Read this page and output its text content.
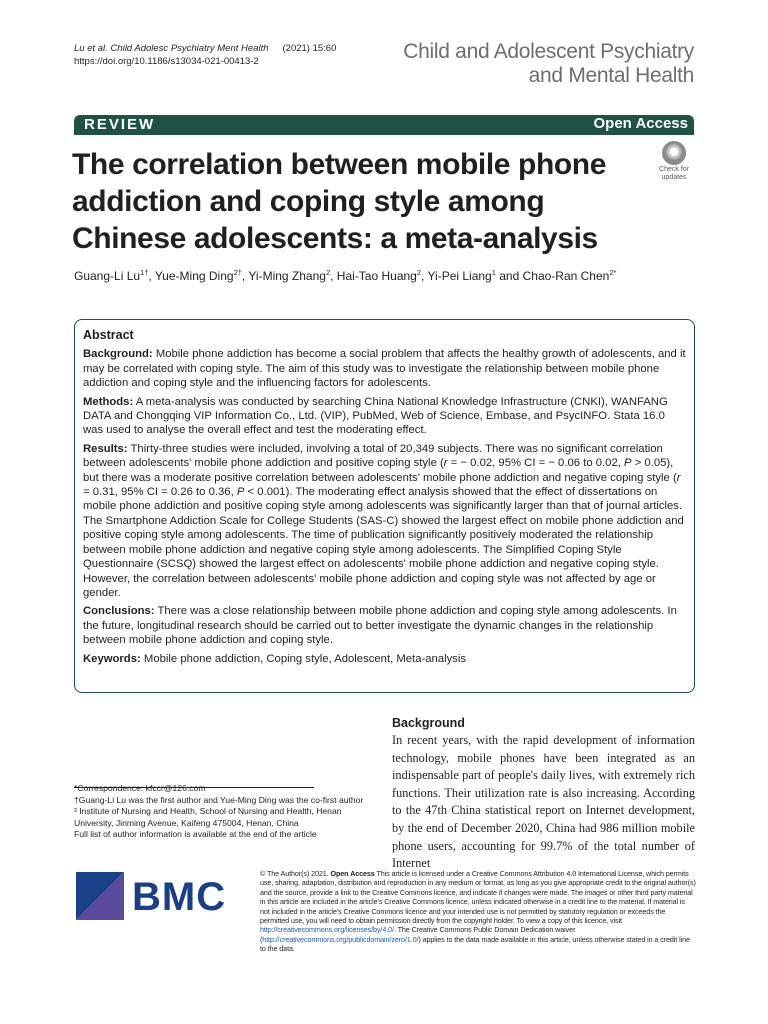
Lu et al. Child Adolesc Psychiatry Ment Health (2021) 15:60
https://doi.org/10.1186/s13034-021-00413-2	Child and Adolescent Psychiatry
and Mental Health
REVIEW	Open Access
The correlation between mobile phone addiction and coping style among Chinese adolescents: a meta-analysis
Check for
updates
Guang-Li $Lu^{1\dagger}$, Yue-Ming Ding$^{2\dagger}$, Yi-Ming Zhang$^2$, Hai-Tao Huang$^2$, Yi-Pei Liang$^1$ and Chao-Ran Chen$^{2*}$
Abstract

Background: Mobile phone addiction has become a social problem that affects the healthy growth of adolescents, and it may be correlated with coping style. The aim of this study was to investigate the relationship between mobile phone addiction and coping style and the influencing factors for adolescents.

Methods: A meta-analysis was conducted by searching China National Knowledge Infrastructure (CNKI), WANFANG DATA and Chongqing VIP Information Co., Ltd. (VIP), PubMed, Web of Science, Embase, and PsycINFO. Stata 16.0 was used to analyse the overall effect and test the moderating effect.

Results: Thirty-three studies were included, involving a total of 20,349 subjects. There was no significant correlation between adolescents' mobile phone addiction and positive coping style (r = − 0.02, 95% CI = − 0.06 to 0.02, P > 0.05), but there was a moderate positive correlation between adolescents' mobile phone addiction and negative coping style (r = 0.31, 95% CI = 0.26 to 0.36, P < 0.001). The moderating effect analysis showed that the effect of dissertations on mobile phone addiction and positive coping style among adolescents was significantly larger than that of journal articles. The Smartphone Addiction Scale for College Students (SAS-C) showed the largest effect on mobile phone addiction and positive coping style among adolescents. The time of publication significantly positively moderated the relationship between mobile phone addiction and negative coping style among adolescents. The Simplified Coping Style Questionnaire (SCSQ) showed the largest effect on adolescents' mobile phone addiction and negative coping style. However, the correlation between adolescents' mobile phone addiction and coping style was not affected by age or gender.

Conclusions: There was a close relationship between mobile phone addiction and coping style among adolescents. In the future, longitudinal research should be carried out to better investigate the dynamic changes in the relationship between mobile phone addiction and coping style.

Keywords: Mobile phone addiction, Coping style, Adolescent, Meta-analysis

Background
In recent years, with the rapid development of information technology, mobile phones have been integrated as an indispensable part of people's daily lives, with extremely rich functions. Their utilization rate is also increasing. According to the 47th China statistical report on Internet development, by the end of December 2020, China had 986 million mobile phone users, accounting for 99.7% of the total number of Internet

*Correspondence: kfccr@126.com

†Guang-Li Lu was the first author and Yue-Ming Ding was the co-first author

² Institute of Nursing and Health, School of Nursing and Health, Henan University, Jinming Avenue, Kaifeng 475004, Henan, China

Full list of author information is available at the end of the article

BMC
© The Author(s) 2021. Open Access This article is licensed under a Creative Commons Attribution 4.0 International License, which permits use, sharing, adaptation, distribution and reproduction in any medium or format, as long as you give appropriate credit to the original author(s) and the source, provide a link to the Creative Commons licence, and indicate if changes were made. The images or other third party material in this article are included in the article's Creative Commons licence, unless indicated otherwise in a credit line to the material. If material is not included in the article's Creative Commons licence and your intended use is not permitted by statutory regulation or exceeds the permitted use, you will need to obtain permission directly from the copyright holder. To view a copy of this licence, visit http://creativecommons.org/licenses/by/4.0/. The Creative Commons Public Domain Dedication waiver (http://creativecommons.org/publicdomain/zero/1.0/) applies to the data made available in this article, unless otherwise stated in a credit line to the data.
